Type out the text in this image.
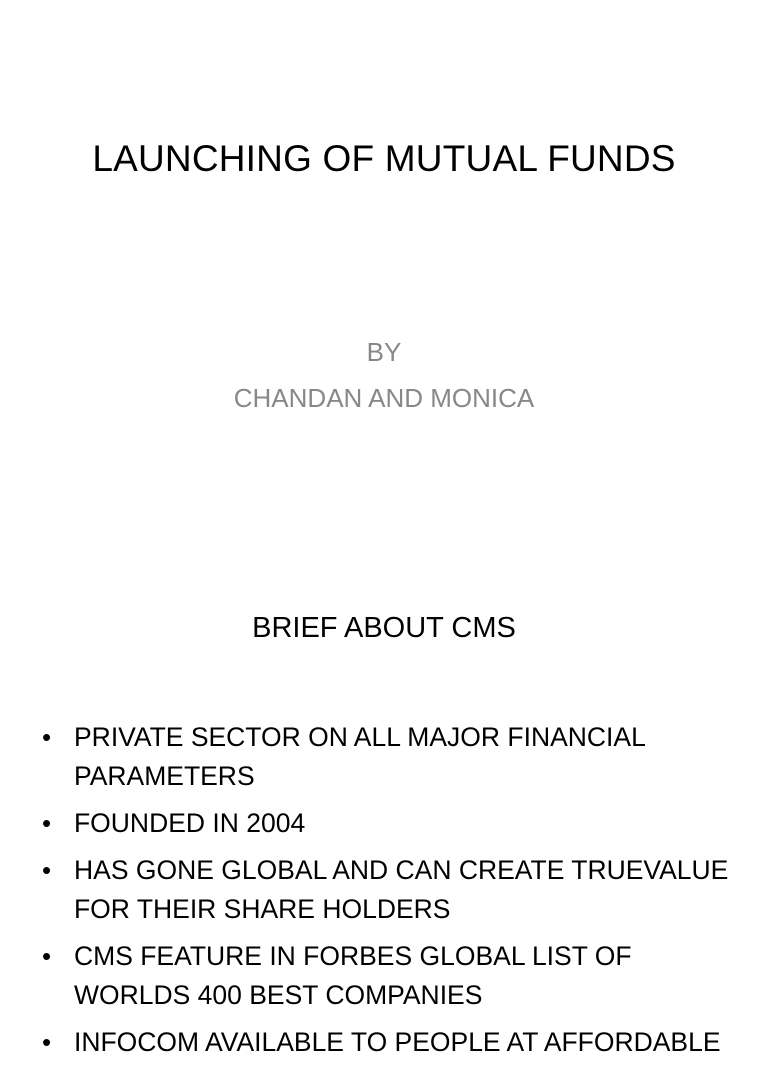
LAUNCHING OF MUTUAL FUNDS
BY
CHANDAN AND MONICA
BRIEF ABOUT CMS
• PRIVATE SECTOR ON ALL MAJOR FINANCIAL PARAMETERS
• FOUNDED IN 2004
• HAS GONE GLOBAL AND CAN CREATE TRUEVALUE FOR THEIR SHARE HOLDERS
• CMS FEATURE IN FORBES GLOBAL LIST OF WORLDS 400 BEST COMPANIES
• INFOCOM AVAILABLE TO PEOPLE AT AFFORDABLE
